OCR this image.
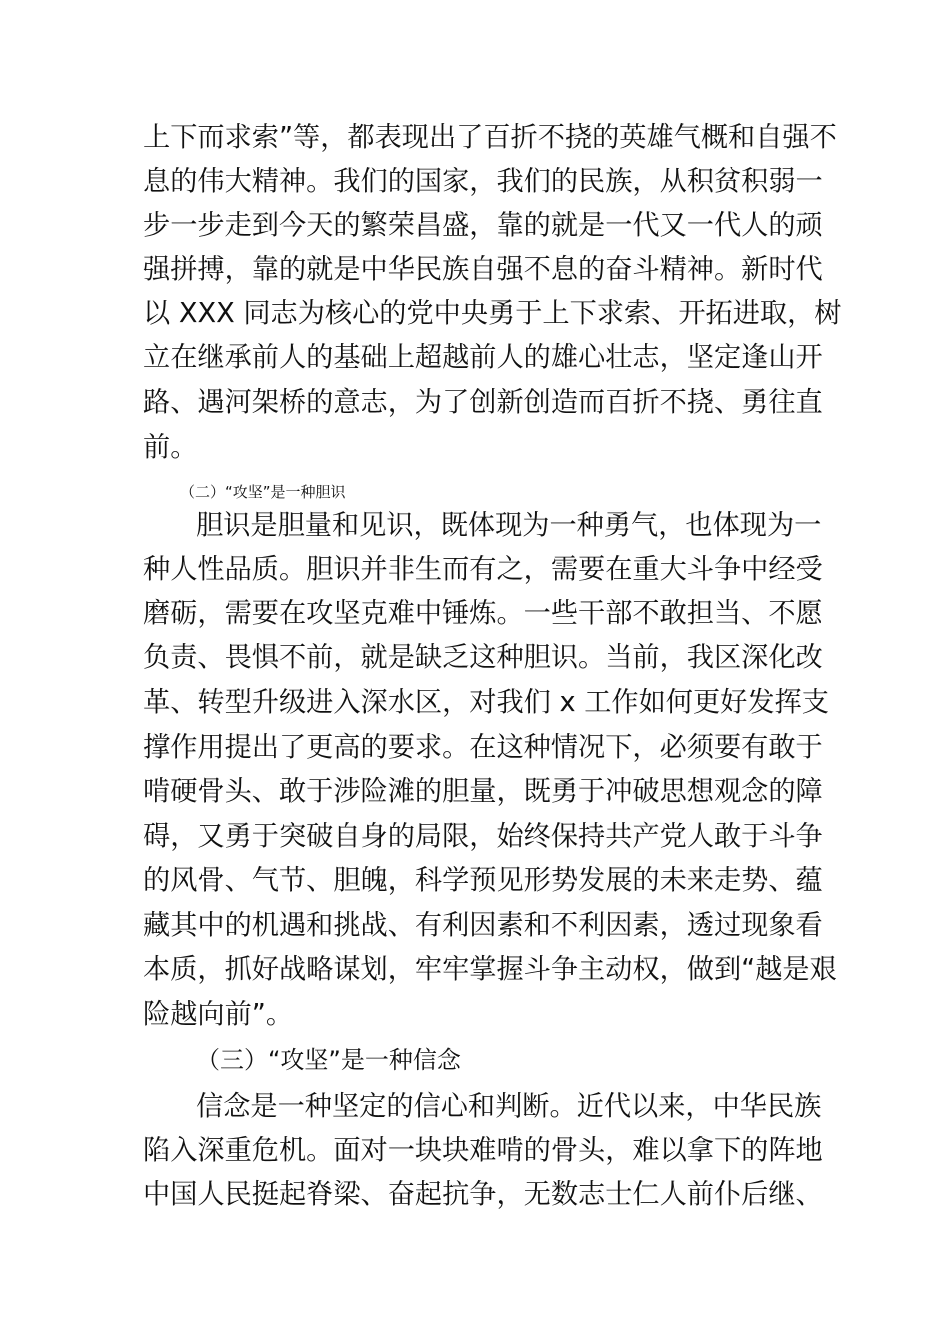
上下而求索”等，都表现出了百折不挠的英雄气概和自强不
息的伟大精神。我们的国家，我们的民族，从积贫积弱一
步一步走到今天的繁荣昌盛，靠的就是一代又一代人的顽
强拼搏，靠的就是中华民族自强不息的奋斗精神。新时代
以 XXX 同志为核心的党中央勇于上下求索、开拓进取，树
立在继承前人的基础上超越前人的雄心壮志，坚定逢山开
路、遇河架桥的意志，为了创新创造而百折不挠、勇往直
前。
（二）“攻坚”是一种胆识
胆识是胆量和见识，既体现为一种勇气，也体现为一
种人性品质。胆识并非生而有之，需要在重大斗争中经受
磨砺，需要在攻坚克难中锤炼。一些干部不敢担当、不愿
负责、畏惧不前，就是缺乏这种胆识。当前，我区深化改
革、转型升级进入深水区，对我们 x 工作如何更好发挥支
撑作用提出了更高的要求。在这种情况下，必须要有敢于
啃硬骨头、敢于涉险滩的胆量，既勇于冲破思想观念的障
碍，又勇于突破自身的局限，始终保持共产党人敢于斗争
的风骨、气节、胆魄，科学预见形势发展的未来走势、蕴
藏其中的机遇和挑战、有利因素和不利因素，透过现象看
本质，抓好战略谋划，牢牢掌握斗争主动权，做到“越是艰
险越向前”。
（三）“攻坚”是一种信念
信念是一种坚定的信心和判断。近代以来，中华民族
陷入深重危机。面对一块块难啃的骨头，难以拿下的阵地
中国人民挺起脊梁、奋起抗争，无数志士仁人前仆后继、
